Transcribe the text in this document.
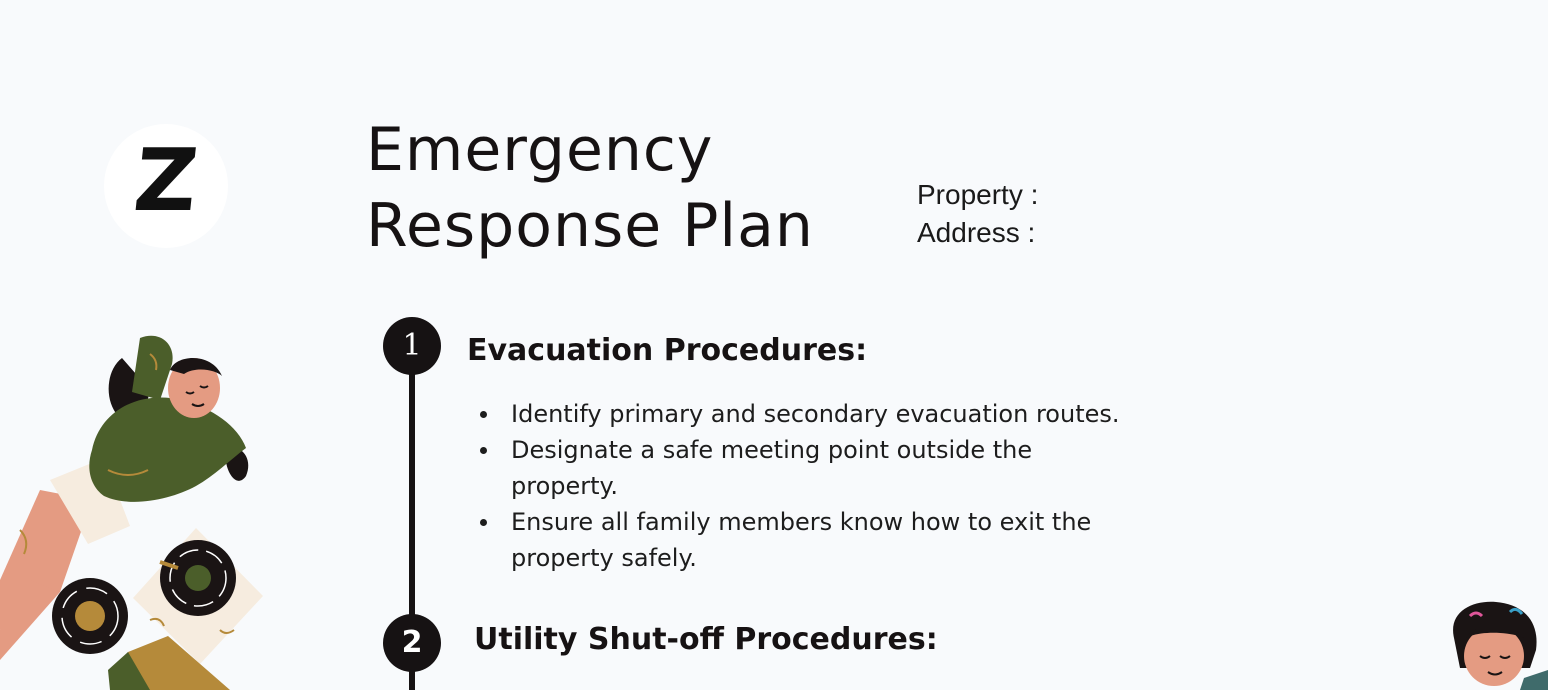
Z	Emergency
Response Plan	Property :
Address :
1	Evacuation Procedures:
Identify primary and secondary evacuation routes.
Designate a safe meeting point outside the property.
Ensure all family members know how to exit the property safely.
2	Utility Shut-off Procedures:
